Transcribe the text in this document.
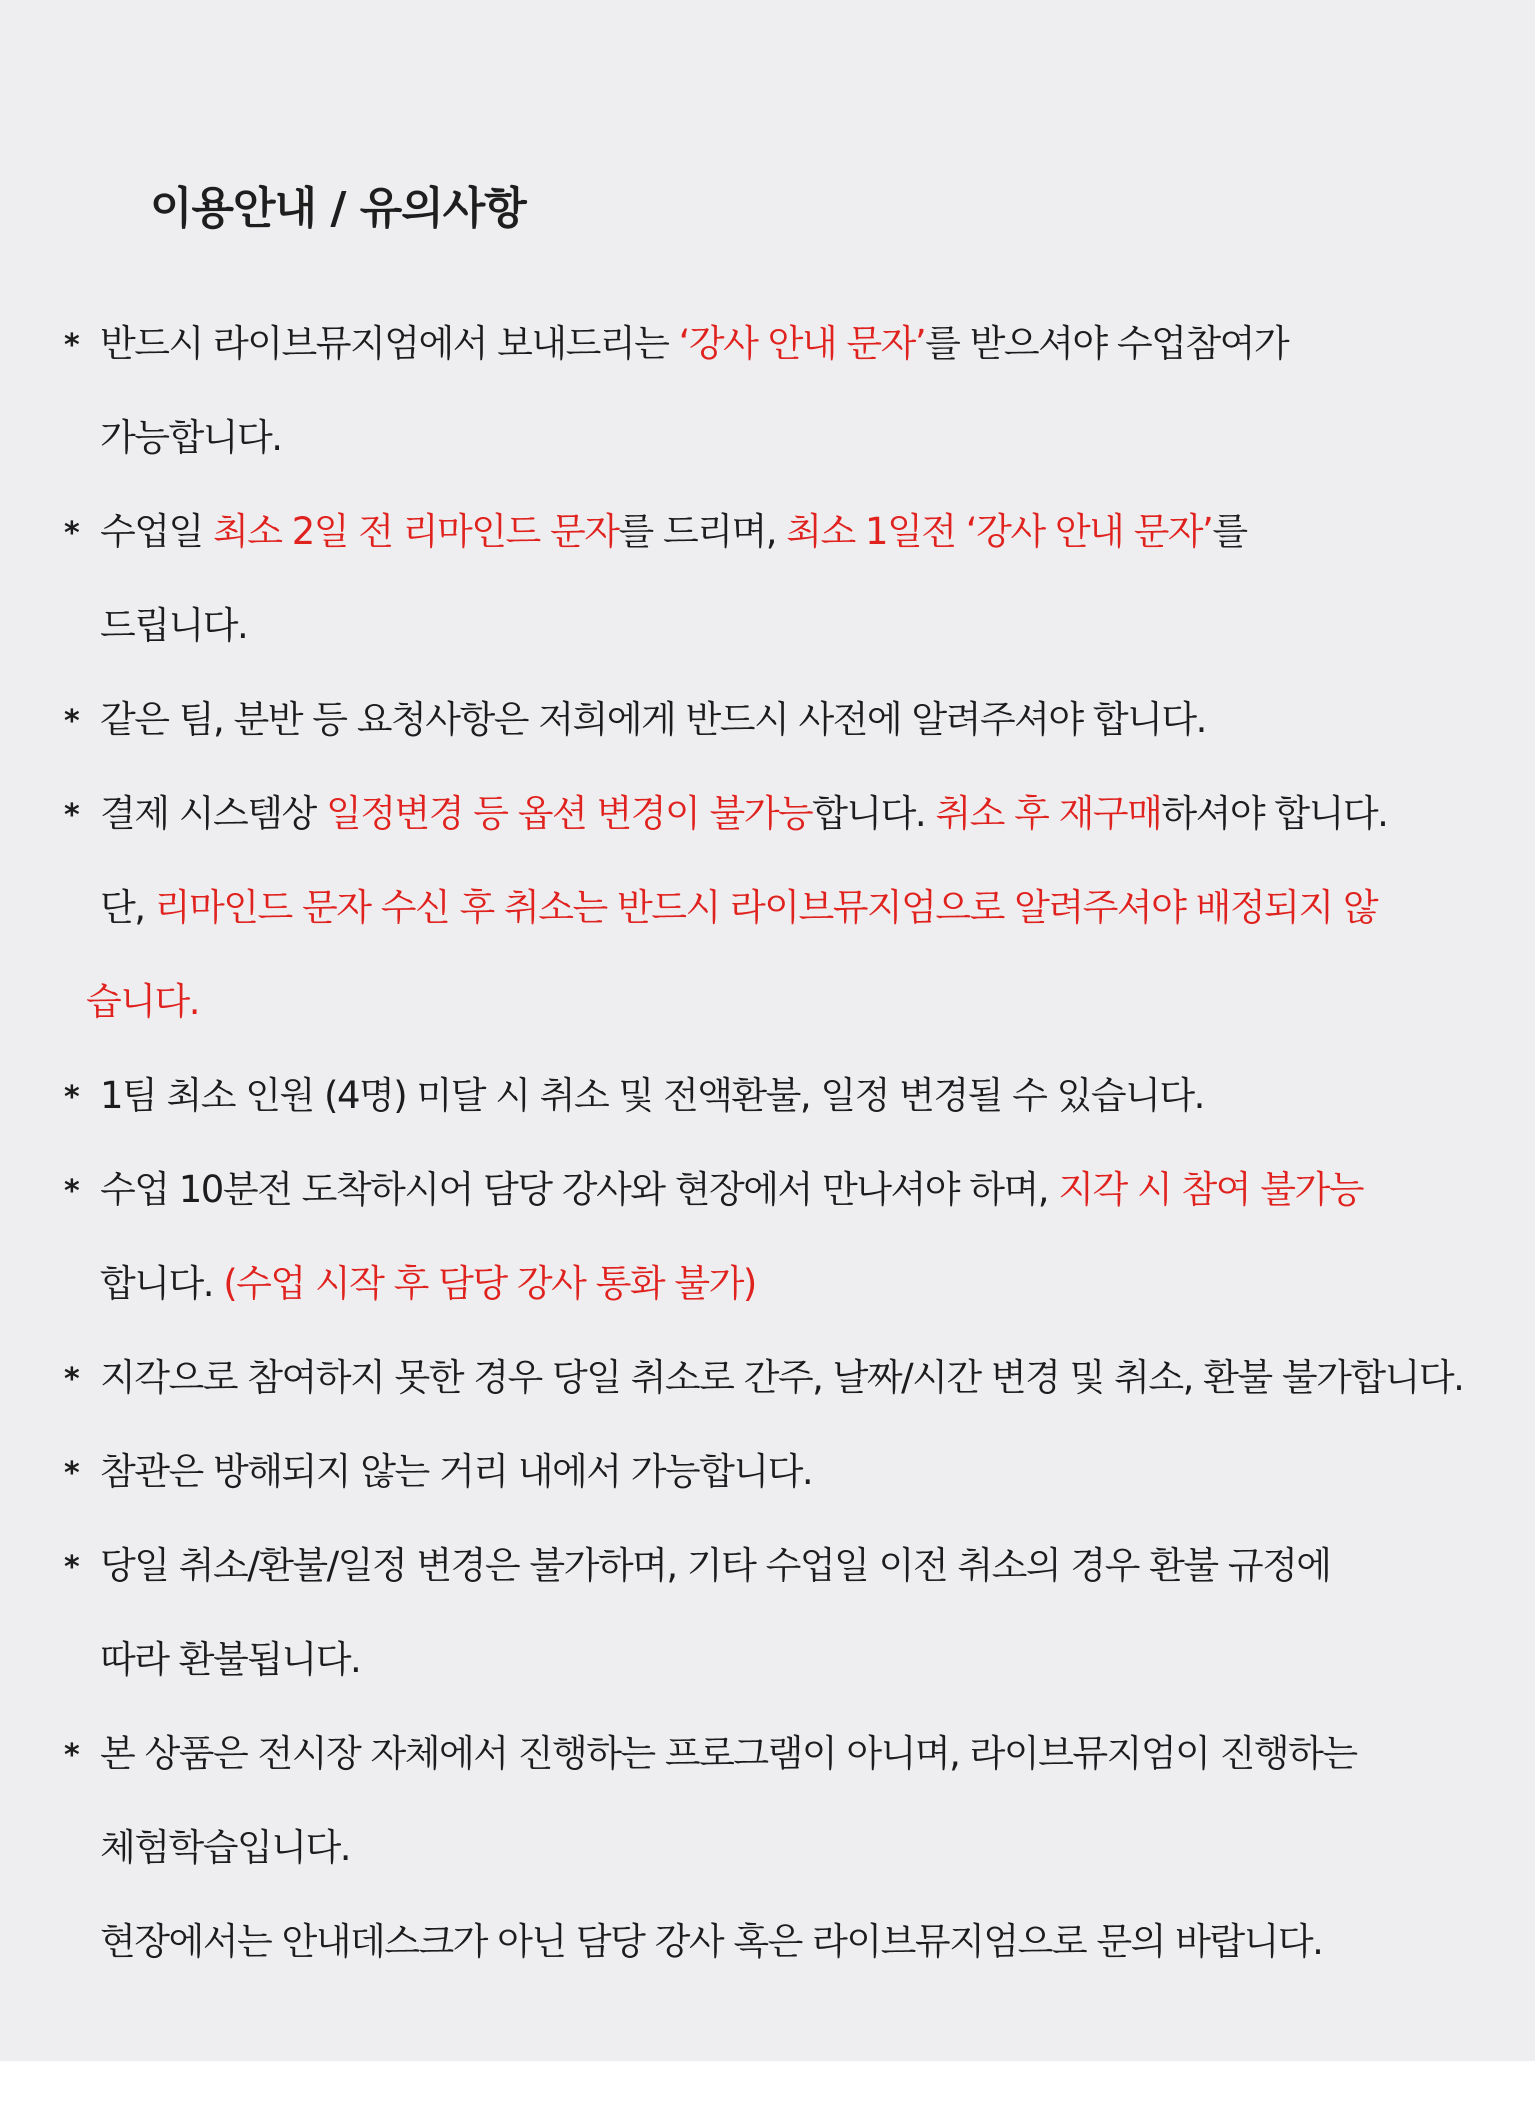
이용안내 / 유의사항
* 반드시 라이브뮤지엄에서 보내드리는 ‘강사 안내 문자’를 받으셔야 수업참여가
가능합니다.
* 수업일 최소 2일 전 리마인드 문자를 드리며, 최소 1일전 ‘강사 안내 문자’를
드립니다.
* 같은 팀, 분반 등 요청사항은 저희에게 반드시 사전에 알려주셔야 합니다.
* 결제 시스템상 일정변경 등 옵션 변경이 불가능합니다. 취소 후 재구매하셔야 합니다.
단, 리마인드 문자 수신 후 취소는 반드시 라이브뮤지엄으로 알려주셔야 배정되지 않
습니다.
* 1팀 최소 인원 (4명) 미달 시 취소 및 전액환불, 일정 변경될 수 있습니다.
* 수업 10분전 도착하시어 담당 강사와 현장에서 만나셔야 하며, 지각 시 참여 불가능
합니다. (수업 시작 후 담당 강사 통화 불가)
* 지각으로 참여하지 못한 경우 당일 취소로 간주, 날짜/시간 변경 및 취소, 환불 불가합니다.
* 참관은 방해되지 않는 거리 내에서 가능합니다.
* 당일 취소/환불/일정 변경은 불가하며, 기타 수업일 이전 취소의 경우 환불 규정에
따라 환불됩니다.
* 본 상품은 전시장 자체에서 진행하는 프로그램이 아니며, 라이브뮤지엄이 진행하는
체험학습입니다.
현장에서는 안내데스크가 아닌 담당 강사 혹은 라이브뮤지엄으로 문의 바랍니다.
